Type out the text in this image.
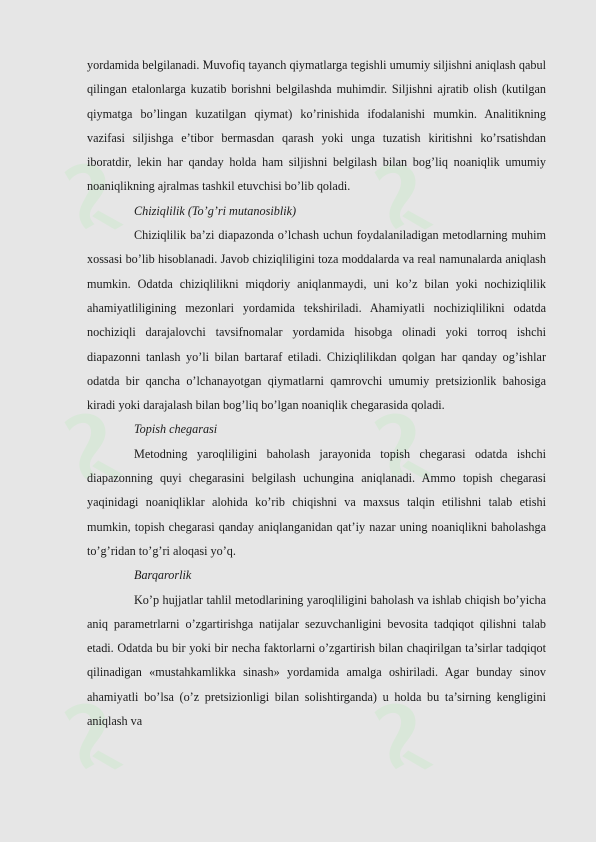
yordamida belgilanadi. Muvofiq tayanch qiymatlarga tegishli umumiy siljishni aniqlash qabul qilingan etalonlarga kuzatib borishni belgilashda muhimdir. Siljishni ajratib olish (kutilgan qiymatga bo’lingan kuzatilgan qiymat) ko’rinishida ifodalanishi mumkin. Analitikning vazifasi siljishga e’tibor bermasdan qarash yoki unga tuzatish kiritishni ko’rsatishdan iboratdir, lekin har qanday holda ham siljishni belgilash bilan bog’liq noaniqlik umumiy noaniqlikning ajralmas tashkil etuvchisi bo’lib qoladi.

Chiziqlilik (To’g’ri mutanosiblik)

Chiziqlilik ba’zi diapazonda o’lchash uchun foydalaniladigan metodlarning muhim xossasi bo’lib hisoblanadi. Javob chiziqliligini toza moddalarda va real namunalarda aniqlash mumkin. Odatda chiziqlilikni miqdoriy aniqlanmaydi, uni ko’z bilan yoki nochiziqlilik ahamiyatliligining mezonlari yordamida tekshiriladi. Ahamiyatli nochiziqlilikni odatda nochiziqli darajalovchi tavsifnomalar yordamida hisobga olinadi yoki torroq ishchi diapazonni tanlash yo’li bilan bartaraf etiladi. Chiziqlilikdan qolgan har qanday og’ishlar odatda bir qancha o’lchanayotgan qiymatlarni qamrovchi umumiy pretsizionlik bahosiga kiradi yoki darajalash bilan bog’liq bo’lgan noaniqlik chegarasida qoladi.

Topish chegarasi

Metodning yaroqliligini baholash jarayonida topish chegarasi odatda ishchi diapazonning quyi chegarasini belgilash uchungina aniqlanadi. Ammo topish chegarasi yaqinidagi noaniqliklar alohida ko’rib chiqishni va maxsus talqin etilishni talab etishi mumkin, topish chegarasi qanday aniqlanganidan qat’iy nazar uning noaniqlikni baholashga to’g’ridan to’g’ri aloqasi yo’q.

Barqarorlik

Ko’p hujjatlar tahlil metodlarining yaroqliligini baholash va ishlab chiqish bo’yicha aniq parametrlarni o’zgartirishga natijalar sezuvchanligini bevosita tadqiqot qilishni talab etadi. Odatda bu bir yoki bir necha faktorlarni o’zgartirish bilan chaqirilgan ta’sirlar tadqiqot qilinadigan «mustahkamlikka sinash» yordamida amalga oshiriladi. Agar bunday sinov ahamiyatli bo’lsa (o’z pretsizionligi bilan solishtirganda) u holda bu ta’sirning kengligini aniqlash va
